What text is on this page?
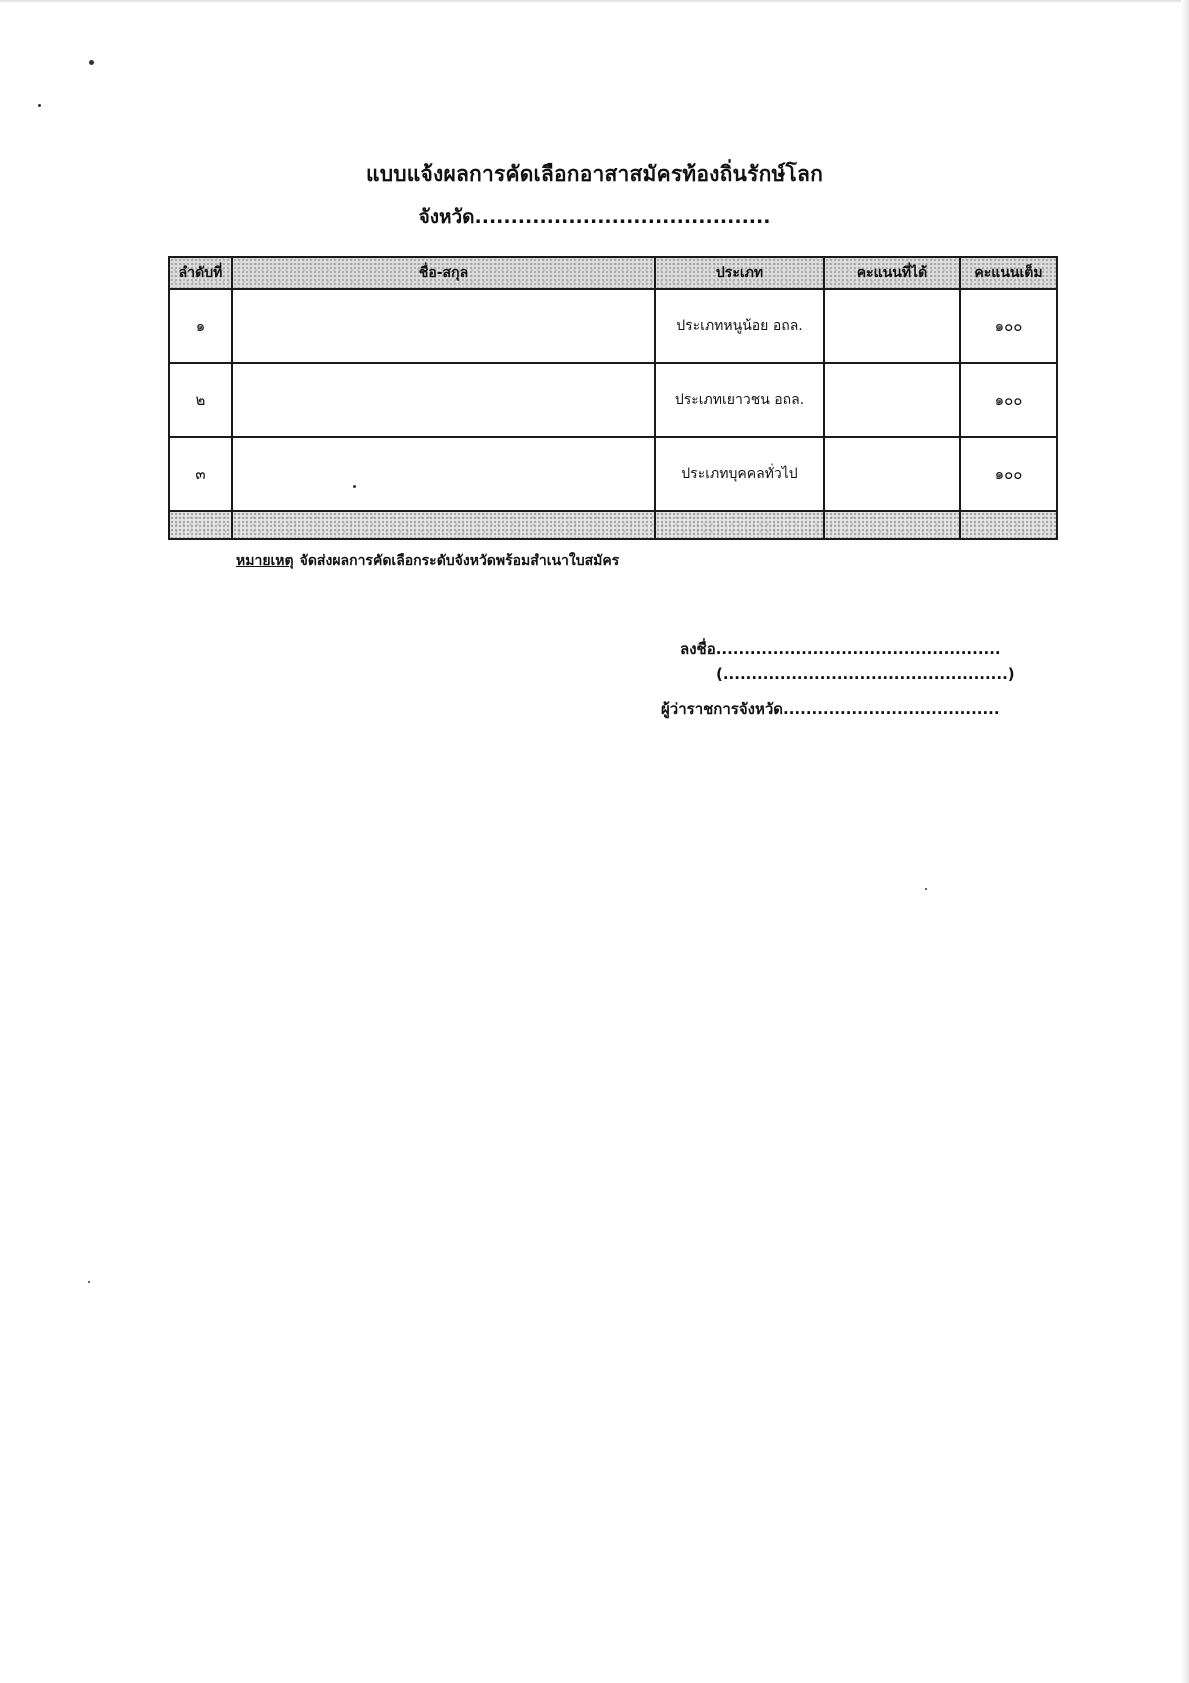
แบบแจ้งผลการคัดเลือกอาสาสมัครท้องถิ่นรักษ์โลก
จังหวัด.........................................
ลำดับที่	ชื่อ-สกุล	ประเภท	คะแนนที่ได้	คะแนนเต็ม
๑		ประเภทหนูน้อย อถล.		๑๐๐
๒		ประเภทเยาวชน อถล.		๑๐๐
๓		ประเภทบุคคลทั่วไป		๑๐๐

หมายเหตุ จัดส่งผลการคัดเลือกระดับจังหวัดพร้อมสำเนาใบสมัคร
ลงชื่อ..................................................
(..................................................)
ผู้ว่าราชการจังหวัด......................................
